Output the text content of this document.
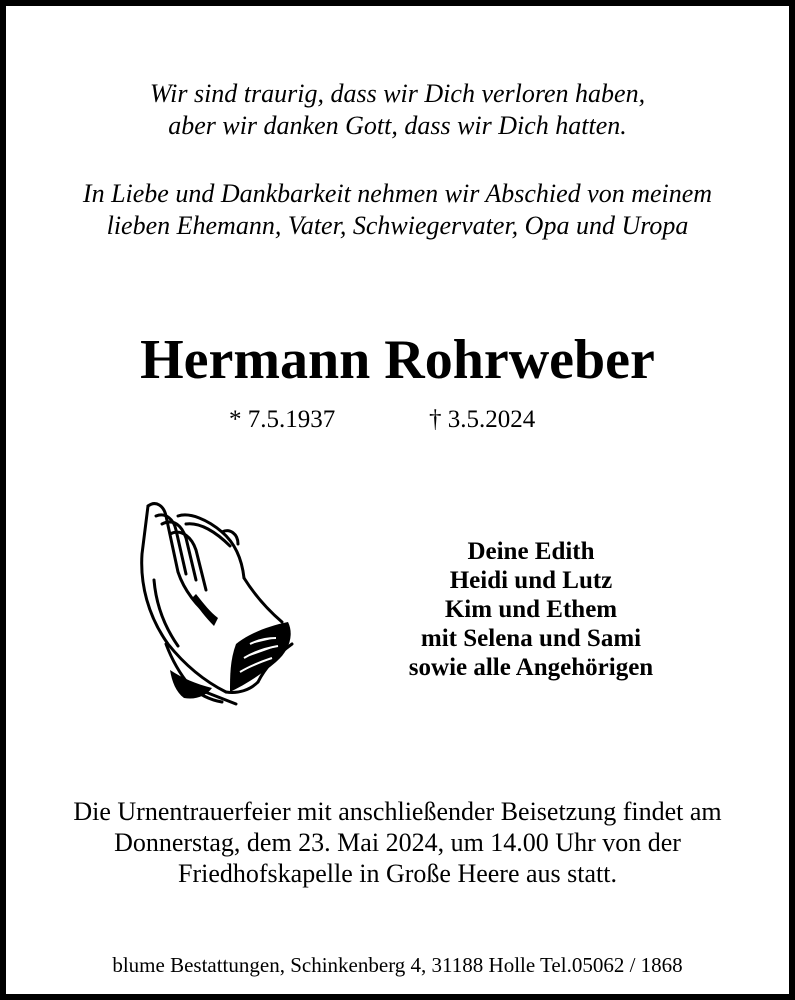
Wir sind traurig, dass wir Dich verloren haben,
aber wir danken Gott, dass wir Dich hatten.
In Liebe und Dankbarkeit nehmen wir Abschied von meinem
lieben Ehemann, Vater, Schwiegervater, Opa und Uropa
Hermann Rohrweber
* 7.5.1937	† 3.5.2024
Deine Edith
Heidi und Lutz
Kim und Ethem
mit Selena und Sami
sowie alle Angehörigen
Die Urnentrauerfeier mit anschließender Beisetzung findet am
Donnerstag, dem 23. Mai 2024, um 14.00 Uhr von der
Friedhofskapelle in Große Heere aus statt.
blume Bestattungen, Schinkenberg 4, 31188 Holle Tel.05062 / 1868
